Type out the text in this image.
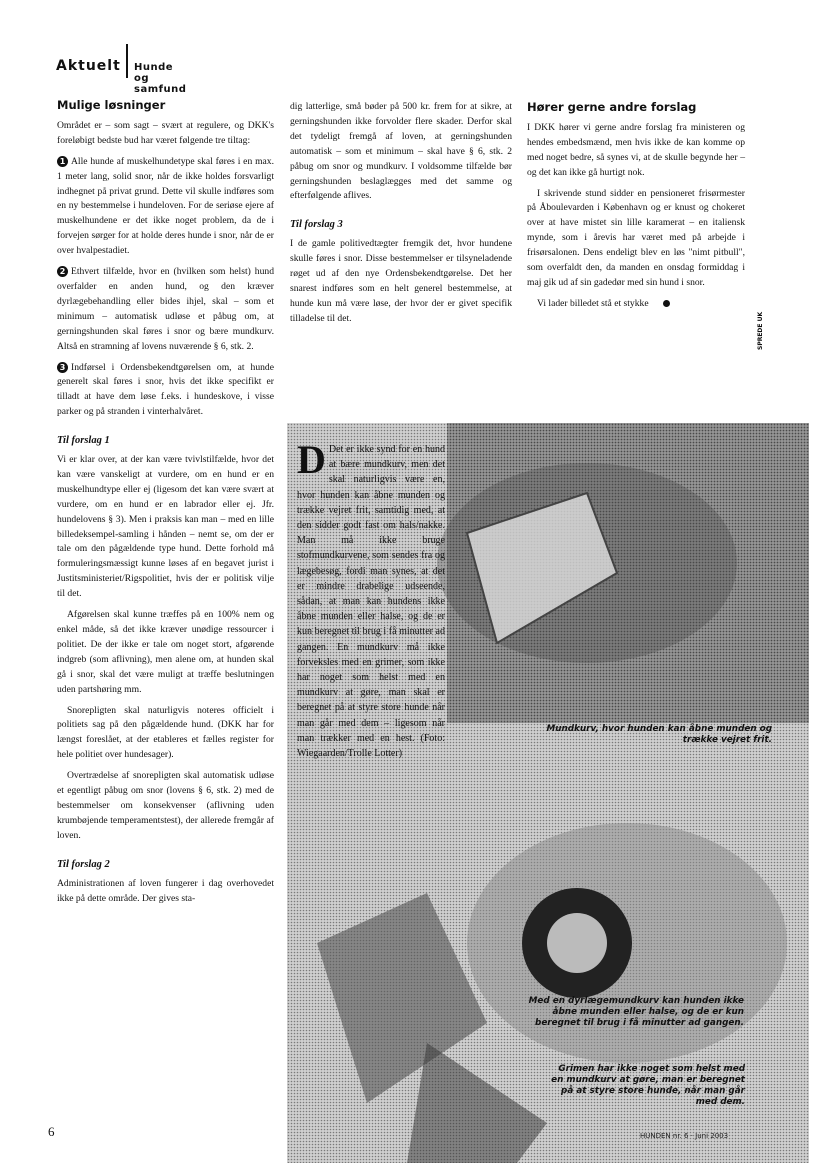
Aktuelt Hunde og samfund
Mulige løsninger

Området er – som sagt – svært at regulere, og DKK's foreløbigt bedste bud har været følgende tre tiltag:

1 Alle hunde af muskelhundetype skal føres i en max. 1 meter lang, solid snor, når de ikke holdes forsvarligt indhegnet på privat grund. Dette vil skulle indføres som en ny bestemmelse i hundeloven. For de seriøse ejere af muskelhundene er det ikke noget problem, da de i forvejen sørger for at holde deres hunde i snor, når de er over hvalpestadiet.

2 Ethvert tilfælde, hvor en (hvilken som helst) hund overfalder en anden hund, og den kræver dyrlægebehandling eller bides ihjel, skal – som et minimum – automatisk udløse et påbug om, at gerningshunden skal føres i snor og bære mundkurv. Altså en stramning af lovens nuværende § 6, stk. 2.

3 Indførsel i Ordensbekendtgørelsen om, at hunde generelt skal føres i snor, hvis det ikke specifikt er tilladt at have dem løse f.eks. i hundeskove, i visse parker og på stranden i vinterhalvåret.

Til forslag 1

Vi er klar over, at der kan være tvivlstilfælde, hvor det kan være vanskeligt at vurdere, om en hund er en muskelhundtype eller ej (ligesom det kan være svært at vurdere, om en hund er en labrador eller ej. Jfr. hundelovens § 3). Men i praksis kan man – med en lille billedeksempel-samling i hånden – nemt se, om der er tale om den pågældende type hund. Dette forhold må formuleringsmæssigt kunne løses af en begavet jurist i Justitsministeriet/Rigspolitiet, hvis der er politisk vilje til det.

Afgørelsen skal kunne træffes på en 100% nem og enkel måde, så det ikke kræver unødige ressourcer i politiet. De der ikke er tale om noget stort, afgørende indgreb (som aflivning), men alene om, at hunden skal gå i snor, skal det være muligt at træffe beslutningen uden partshøring mm.

Snorepligten skal naturligvis noteres officielt i politiets sag på den pågældende hund. (DKK har for længst foreslået, at der etableres et fælles register for hele politiet over hundesager).

Overtrædelse af snorepligten skal automatisk udløse et egentligt påbug om snor (lovens § 6, stk. 2) med de bestemmelser om konsekvenser (aflivning uden krumbøjende temperamentstest), der allerede fremgår af loven.

Til forslag 2

Administrationen af loven fungerer i dag overhovedet ikke på dette område. Der gives sta-

dig latterlige, små bøder på 500 kr. frem for at sikre, at gerningshunden ikke forvolder flere skader. Derfor skal det tydeligt fremgå af loven, at gerningshunden automatisk – som et minimum – skal have § 6, stk. 2 påbug om snor og mundkurv. I voldsomme tilfælde bør gerningshunden beslaglægges med det samme og efterfølgende aflives.

Til forslag 3

I de gamle politivedtægter fremgik det, hvor hundene skulle føres i snor. Disse bestemmelser er tilsyneladende røget ud af den nye Ordensbekendtgørelse. Det her snarest indføres som en helt generel bestemmelse, at hunde kun må være løse, der hvor der er givet specifik tilladelse til det.

Hører gerne andre forslag

I DKK hører vi gerne andre forslag fra ministeren og hendes embedsmænd, men hvis ikke de kan komme op med noget bedre, så synes vi, at de skulle begynde her – og det kan ikke gå hurtigt nok.

I skrivende stund sidder en pensioneret frisørmester på Åboulevarden i København og er knust og chokeret over at have mistet sin lille karamerat – en italiensk mynde, som i årevis har været med på arbejde i frisørsalonen. Dens endeligt blev en løs "nimt pitbull", som overfaldt den, da manden en onsdag formiddag i maj gik ud af sin gadedør med sin hund i snor.

Vi lader billedet stå et stykke

SPREDE UK
D Det er ikke synd for en hund at bære mundkurv, men det skal naturligvis være en, hvor hunden kan åbne munden og trække vejret frit, samtidig med, at den sidder godt fast om hals/nakke. Man må ikke bruge stofmundkurvene, som sendes fra og lægebesøg, fordi man synes, at det er mindre drabelige udseende, sådan, at man kan hundens ikke åbne munden eller halse, og de er kun beregnet til brug i få minutter ad gangen. En mundkurv må ikke forveksles med en grimer, som ikke har noget som helst med en mundkurv at gøre, man skal er beregnet på at styre store hunde når man går med dem – ligesom når man trækker med en hest. (Foto: Wiegaarden/Trolle Lotter)
Mundkurv, hvor hunden kan åbne munden og trække vejret frit.
Med en dyrlægemundkurv kan hunden ikke åbne munden eller halse, og de er kun beregnet til brug i få minutter ad gangen.
Grimen har ikke noget som helst med en mundkurv at gøre, man er beregnet på at styre store hunde, når man går med dem.
HUNDEN nr. 6 · Juni 2003
6
